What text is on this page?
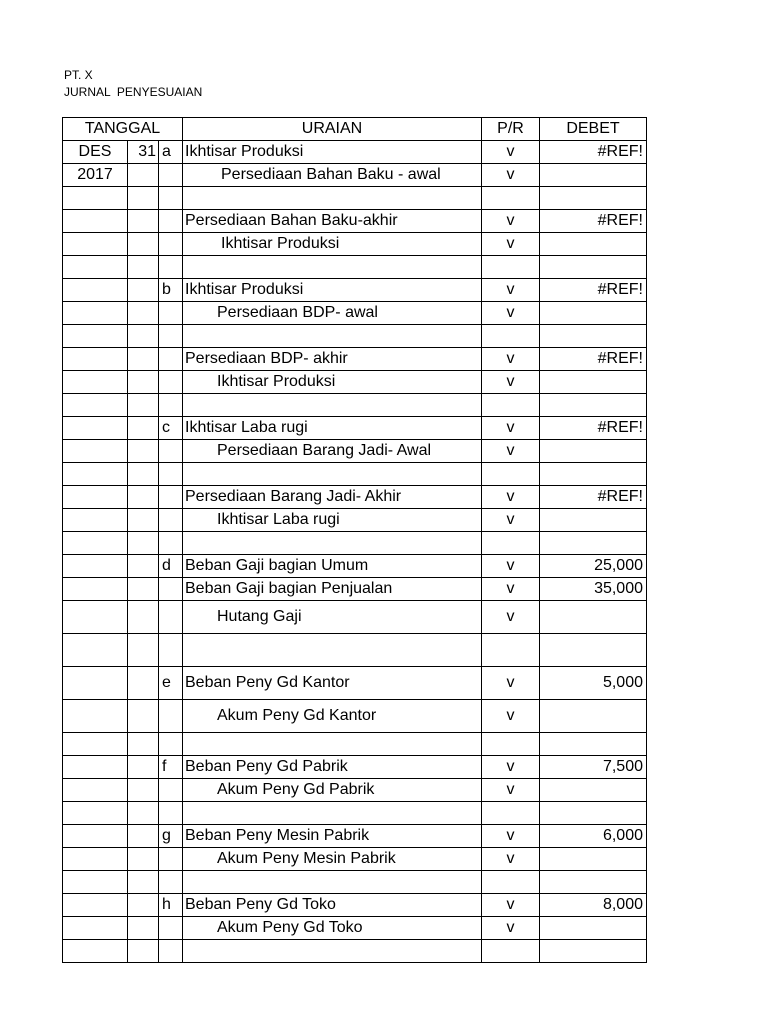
PT. X
JURNAL  PENYESUAIAN
TANGGAL			URAIAN	P/R	DEBET
DES	31	a	Ikhtisar Produksi	v	#REF!
2017			Persediaan Bahan Baku - awal	v	

			Persediaan Bahan Baku-akhir	v	#REF!
			Ikhtisar Produksi	v	

		b	Ikhtisar Produksi	v	#REF!
			Persediaan BDP- awal	v	

			Persediaan BDP- akhir	v	#REF!
			Ikhtisar Produksi	v	

		c	Ikhtisar Laba rugi	v	#REF!
			Persediaan Barang Jadi- Awal	v	

			Persediaan Barang Jadi- Akhir	v	#REF!
			Ikhtisar Laba rugi	v	

		d	Beban Gaji bagian Umum	v	25,000
			Beban Gaji bagian Penjualan	v	35,000
			Hutang Gaji	v	

		e	Beban Peny Gd Kantor	v	5,000
			Akum Peny Gd Kantor	v	

		f	Beban Peny Gd Pabrik	v	7,500
			Akum Peny Gd Pabrik	v	

		g	Beban Peny Mesin Pabrik	v	6,000
			Akum Peny Mesin Pabrik	v	

		h	Beban Peny Gd Toko	v	8,000
			Akum Peny Gd Toko	v	
